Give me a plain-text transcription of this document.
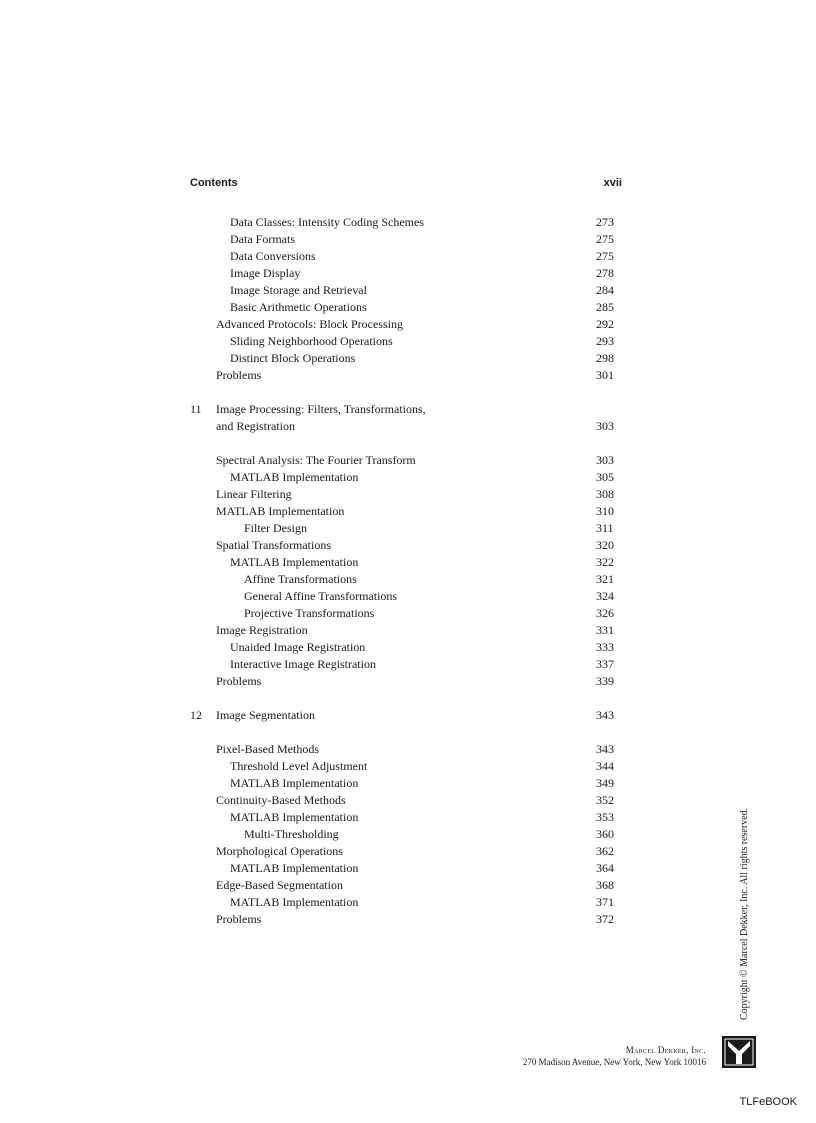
Contents	xvii
Data Classes: Intensity Coding Schemes	273
Data Formats	275
Data Conversions	275
Image Display	278
Image Storage and Retrieval	284
Basic Arithmetic Operations	285
Advanced Protocols: Block Processing	292
Sliding Neighborhood Operations	293
Distinct Block Operations	298
Problems	301
11 Image Processing: Filters, Transformations,
and Registration	303
Spectral Analysis: The Fourier Transform	303
MATLAB Implementation	305
Linear Filtering	308
MATLAB Implementation	310
Filter Design	311
Spatial Transformations	320
MATLAB Implementation	322
Affine Transformations	321
General Affine Transformations	324
Projective Transformations	326
Image Registration	331
Unaided Image Registration	333
Interactive Image Registration	337
Problems	339
12 Image Segmentation	343
Pixel-Based Methods	343
Threshold Level Adjustment	344
MATLAB Implementation	349
Continuity-Based Methods	352
MATLAB Implementation	353
Multi-Thresholding	360
Morphological Operations	362
MATLAB Implementation	364
Edge-Based Segmentation	368
MATLAB Implementation	371
Problems	372	Copyright © Marcel Dekker, Inc. All rights reserved.
Marcel Dekker, Inc.
270 Madison Avenue, New York, New York 10016
TLFeBOOK
